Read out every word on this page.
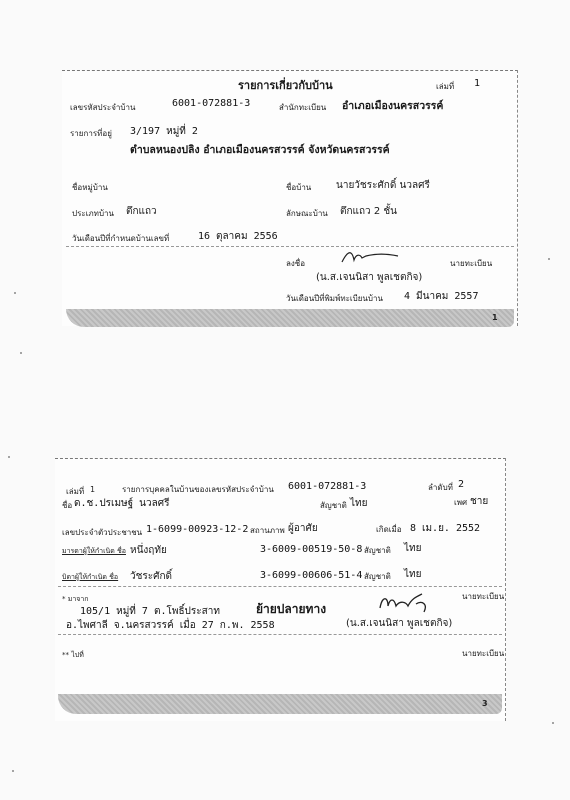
รายการเกี่ยวกับบ้าน	เล่มที่ 1
เลขรหัสประจำบ้าน	6001-072881-3	สำนักทะเบียน อำเภอเมืองนครสวรรค์
รายการที่อยู่ 3/197 หมู่ที่ 2
ตำบลหนองปลิง อำเภอเมืองนครสวรรค์ จังหวัดนครสวรรค์
ชื่อหมู่บ้าน	ชื่อบ้าน นายวัชระศักดิ์ นวลศรี
ประเภทบ้าน ตึกแถว	ลักษณะบ้าน ตึกแถว 2 ชั้น
วันเดือนปีที่กำหนดบ้านเลขที่	16 ตุลาคม 2556
ลงชื่อ	นายทะเบียน
(น.ส.เจนนิสา พูลเชตกิจ)
วันเดือนปีที่พิมพ์ทะเบียนบ้าน 4 มีนาคม 2557
1
เล่มที่ 1	รายการบุคคลในบ้านของเลขรหัสประจำบ้าน 6001-072881-3	ลำดับที่ 2
ชื่อ ด.ช.ปรเมษฐ์ นวลศรี	สัญชาติ ไทย	เพศ ชาย
เลขประจำตัวประชาชน 1-6099-00923-12-2 สถานภาพ ผู้อาศัย	เกิดเมื่อ 8 เม.ย. 2552
มารดาผู้ให้กำเนิด ชื่อ หนึ่งฤทัย	3-6009-00519-50-8 สัญชาติ ไทย
บิดาผู้ให้กำเนิด ชื่อ วัชระศักดิ์	3-6099-00606-51-4 สัญชาติ ไทย
* มาจาก	นายทะเบียน
105/1 หมู่ที่ 7 ต.โพธิ์ประสาท	ย้ายปลายทาง
อ.ไพศาลี จ.นครสวรรค์ เมื่อ 27 ก.พ. 2558	(น.ส.เจนนิสา พูลเชตกิจ)
** ไปที่	นายทะเบียน
3
